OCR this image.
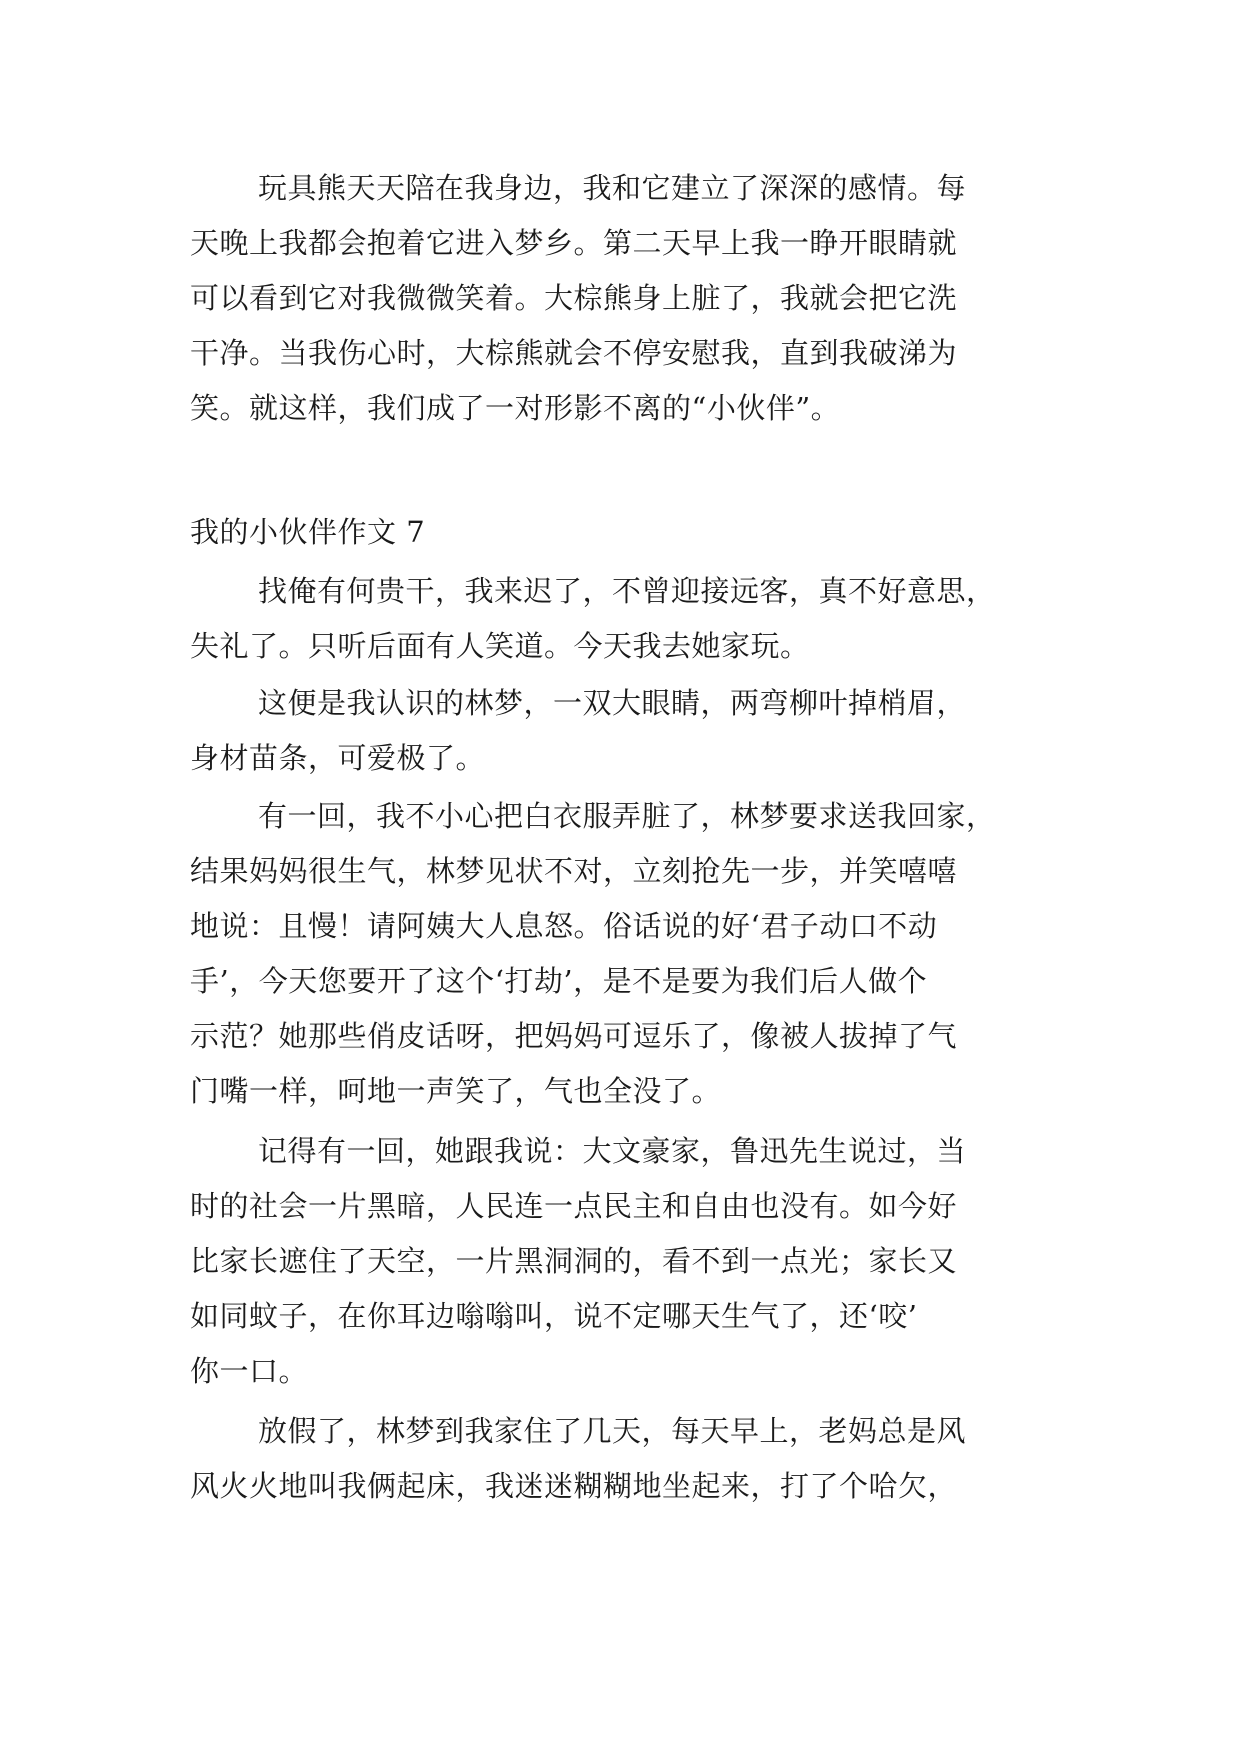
玩具熊天天陪在我身边，我和它建立了深深的感情。每

天晚上我都会抱着它进入梦乡。第二天早上我一睁开眼睛就

可以看到它对我微微笑着。大棕熊身上脏了，我就会把它洗

干净。当我伤心时，大棕熊就会不停安慰我，直到我破涕为

笑。就这样，我们成了一对形影不离的“小伙伴”。

我的小伙伴作文 7

找俺有何贵干，我来迟了，不曾迎接远客，真不好意思，

失礼了。只听后面有人笑道。今天我去她家玩。

这便是我认识的林梦，一双大眼睛，两弯柳叶掉梢眉，

身材苗条，可爱极了。

有一回，我不小心把白衣服弄脏了，林梦要求送我回家，

结果妈妈很生气，林梦见状不对，立刻抢先一步，并笑嘻嘻

地说：且慢！请阿姨大人息怒。俗话说的好‘君子动口不动

手’，今天您要开了这个‘打劫’，是不是要为我们后人做个

示范？她那些俏皮话呀，把妈妈可逗乐了，像被人拔掉了气

门嘴一样，呵地一声笑了，气也全没了。

记得有一回，她跟我说：大文豪家，鲁迅先生说过，当

时的社会一片黑暗，人民连一点民主和自由也没有。如今好

比家长遮住了天空，一片黑洞洞的，看不到一点光；家长又

如同蚊子，在你耳边嗡嗡叫，说不定哪天生气了，还‘咬’

你一口。

放假了，林梦到我家住了几天，每天早上，老妈总是风

风火火地叫我俩起床，我迷迷糊糊地坐起来，打了个哈欠，
